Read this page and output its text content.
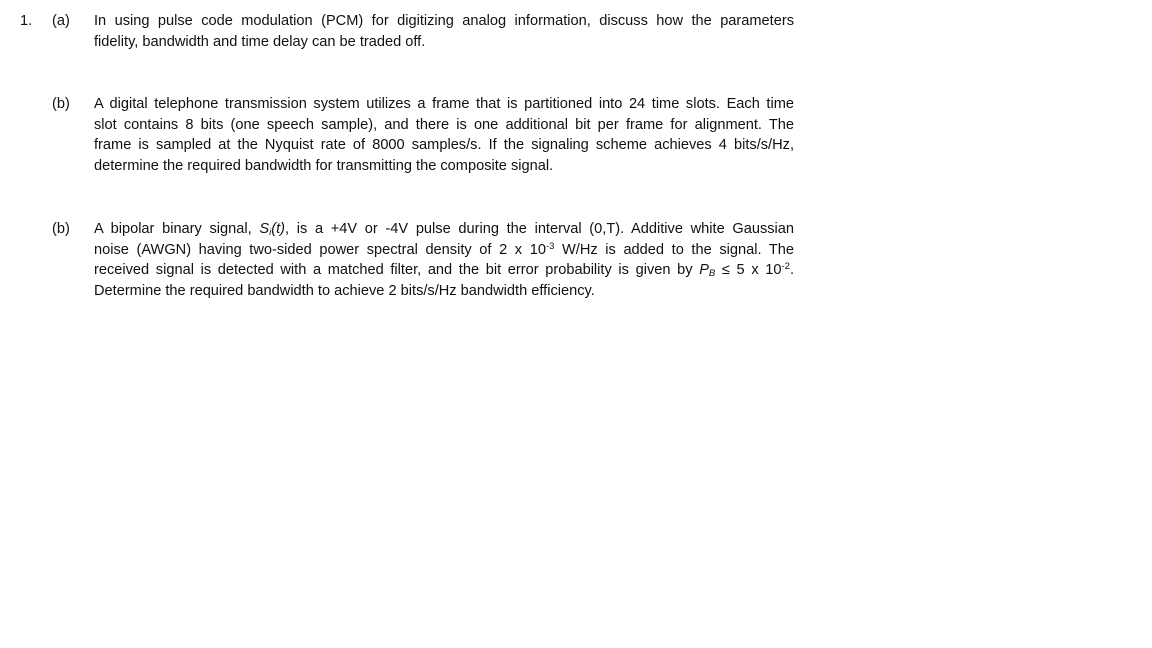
1. (a) In using pulse code modulation (PCM) for digitizing analog information, discuss how the parameters
fidelity, bandwidth and time delay can be traded off.
(b) A digital telephone transmission system utilizes a frame that is partitioned into 24 time slots. Each time
slot contains 8 bits (one speech sample), and there is one additional bit per frame for alignment. The
frame is sampled at the Nyquist rate of 8000 samples/s. If the signaling scheme achieves 4 bits/s/Hz,
determine the required bandwidth for transmitting the composite signal.
(b) A bipolar binary signal, $S_i(t)$, is a +4V or -4V pulse during the interval (0,T). Additive white Gaussian
noise (AWGN) having two-sided power spectral density of 2 x $10^{-3}$ W/Hz is added to the signal. The
received signal is detected with a matched filter, and the bit error probability is given by $P_B \le 5$ x $10^{-2}$.
Determine the required bandwidth to achieve 2 bits/s/Hz bandwidth efficiency.
